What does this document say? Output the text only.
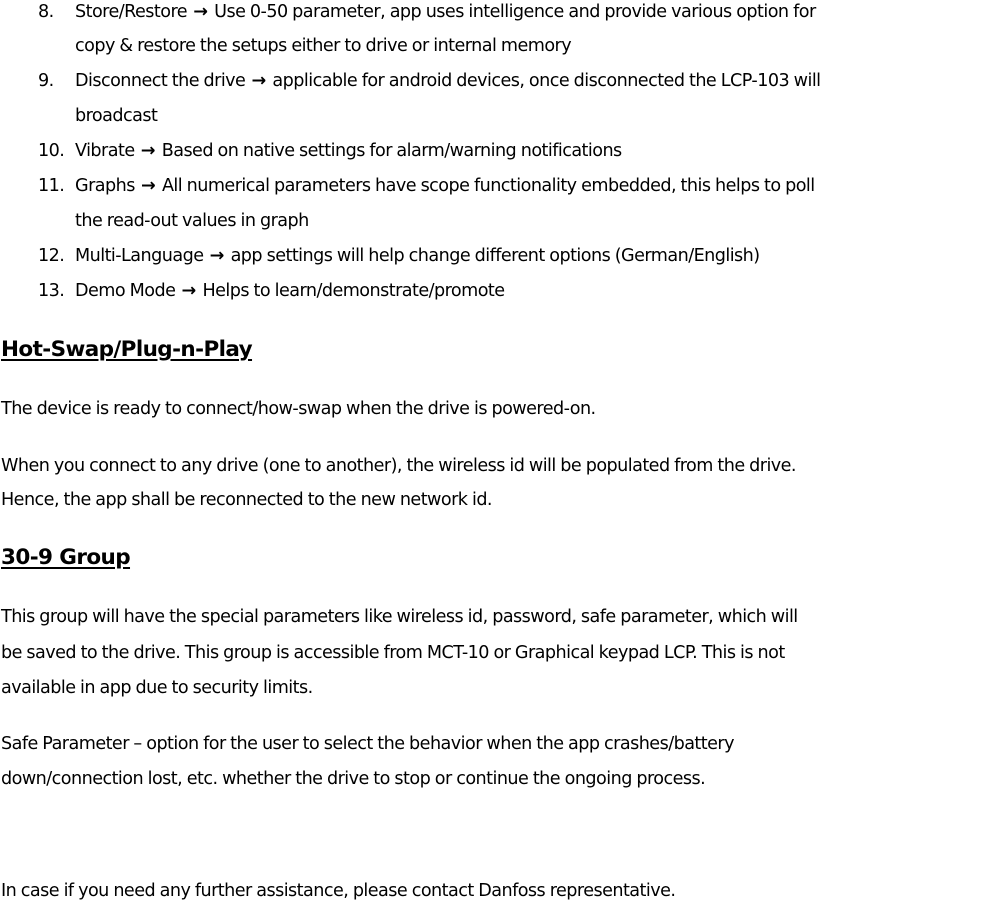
8. Store/Restore → Use 0-50 parameter, app uses intelligence and provide various option for
copy & restore the setups either to drive or internal memory
9. Disconnect the drive → applicable for android devices, once disconnected the LCP-103 will
broadcast
10. Vibrate → Based on native settings for alarm/warning notifications
11. Graphs → All numerical parameters have scope functionality embedded, this helps to poll
the read-out values in graph
12. Multi-Language → app settings will help change different options (German/English)
13. Demo Mode → Helps to learn/demonstrate/promote
Hot-Swap/Plug-n-Play
The device is ready to connect/how-swap when the drive is powered-on.
When you connect to any drive (one to another), the wireless id will be populated from the drive.
Hence, the app shall be reconnected to the new network id.
30-9 Group
This group will have the special parameters like wireless id, password, safe parameter, which will
be saved to the drive. This group is accessible from MCT-10 or Graphical keypad LCP. This is not
available in app due to security limits.
Safe Parameter – option for the user to select the behavior when the app crashes/battery
down/connection lost, etc. whether the drive to stop or continue the ongoing process.
In case if you need any further assistance, please contact Danfoss representative.
